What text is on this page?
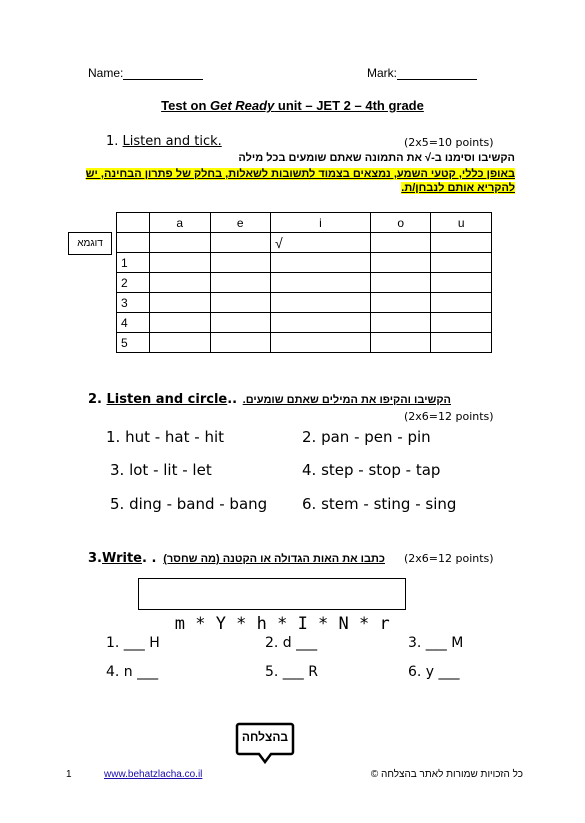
Name:	Mark:
Test on Get Ready unit – JET 2 – 4th grade
1. Listen and tick.	(2x5=10 points)
הקשיבו וסימנו ב-√ את התמונה שאתם שומעים בכל מילה
באופן כללי, קטעי השמע, נמצאים בצמוד לתשובות לשאלות, בחלק של פתרון הבחינה, יש להקריא אותם לנבחן/ת.
דוגמא
	a	e	i	o	u
			√		
1					
2					
3					
4					
5					
2. Listen and circle.. הקשיבו והקיפו את המילים שאתם שומעים.
(2x6=12 points)
1. hut - hat - hit	2. pan - pen - pin
3. lot - lit - let	4. step - stop - tap
5. ding - band - bang 6. stem - sting - sing
3.Write. . כתבו את האות הגדולה או הקטנה (מה שחסר) (2x6=12 points)

m * Y * h * I * N * r

1. ___ H	2. d ___	3. ___ M
4. n ___	5. ___ R	6. y ___
בהצלחה
1	www.behatzlacha.co.il	כל הזכויות שמורות לאתר בהצלחה ©
